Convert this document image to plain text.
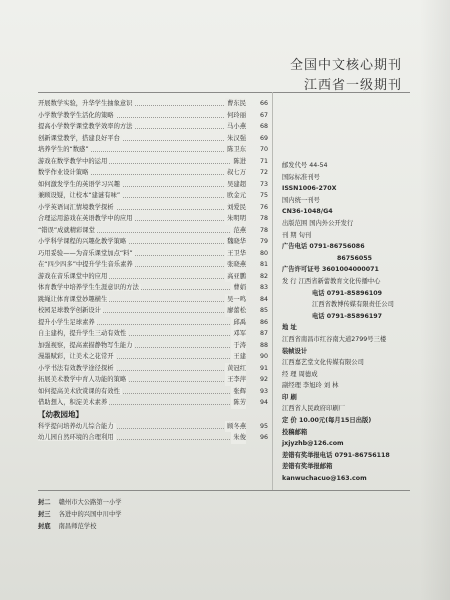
全国中文核心期刊
江西省一级期刊
开展数学实验，升华学生抽象意识	曹东民	66
小学数学教学生活化的策略	何玲丽	67
提高小学数学课堂教学效率的方法	马小燕	68
创新课堂教学，搭建良好平台	朱汉强	69
培养学生的“数感”	陈卫东	70
游戏在数学教学中的运用	陈进	71
数学作业设计策略	叔七万	72
如何激发学生的英语学习兴趣	吴建超	73
兼顾设疑，让校本“建谜有味”	欧金元	75
小学英语词汇情境教学探析	刘爱民	76
合理运用游戏在英语教学中的应用	朱明明	78
“错误”成就精彩课堂	范燕	78
小学科学课程的兴趣化教学策略	魏晓华	79
巧用妥验——为音乐课堂加点“料”	王卫华	80
在“四少四多”中提升学生音乐素养	张晓燕	81
游戏在音乐课堂中的应用	高亚鹏	82
体育教学中培养学生生涯意识的方法	曹娟	83
跳绳让体育课堂妙趣横生	吴一鸣	84
校园足球教学创新设计	廖蕾松	85
提升小学生足球素养	邱禹	86
自主建构，提升学生三动有效性	邓军	87
加强视察，提高素描静物写生能力	于涛	88
漫墨赋彩，让美术之花常开	王建	90
小学书法有效教学途径探析	黄冠红	91
拓展美术教学中育人功能的策略	王李萍	92
如何提高美术欣赏课的有效性	张辉	93
借助想入，积淀美术素养	陈芳	94
【幼教园地】
科学提问培养幼儿综合能力	顾冬燕	95
幼儿园自然环境的合理利用	朱俊	96
邮发代号 44-54
国际标准刊号
ISSN1006-270X
国内统一刊号
CN36-1048/G4
出版范围 国内外公开发行
刊 期 旬刊
广告电话 0791-86756086
86756055
广告许可证号 3601004000071
发 行 江西省新蕾教育文化传播中心
电话 0791-85896109
江西省教博传媒有限责任公司
电话 0791-85896197
地 址
江西省南昌市红谷南大道2799号三楼
装帧设计
江西嘉艺堂文化传媒有限公司
经 理 周德成
副经理 李旭玲 刘 林
印 刷
江西省人民政府印刷厂
定 价 10.00元(每月15日出版)
投稿邮箱
jxjyzhb@126.com
差错有奖举报电话 0791-86756118
差错有奖举报邮箱
kanwuchacuo@163.com
封二 赣州市大公路第一小学
封三 各进中的兴国中川中学
封底 南昌师范学校
